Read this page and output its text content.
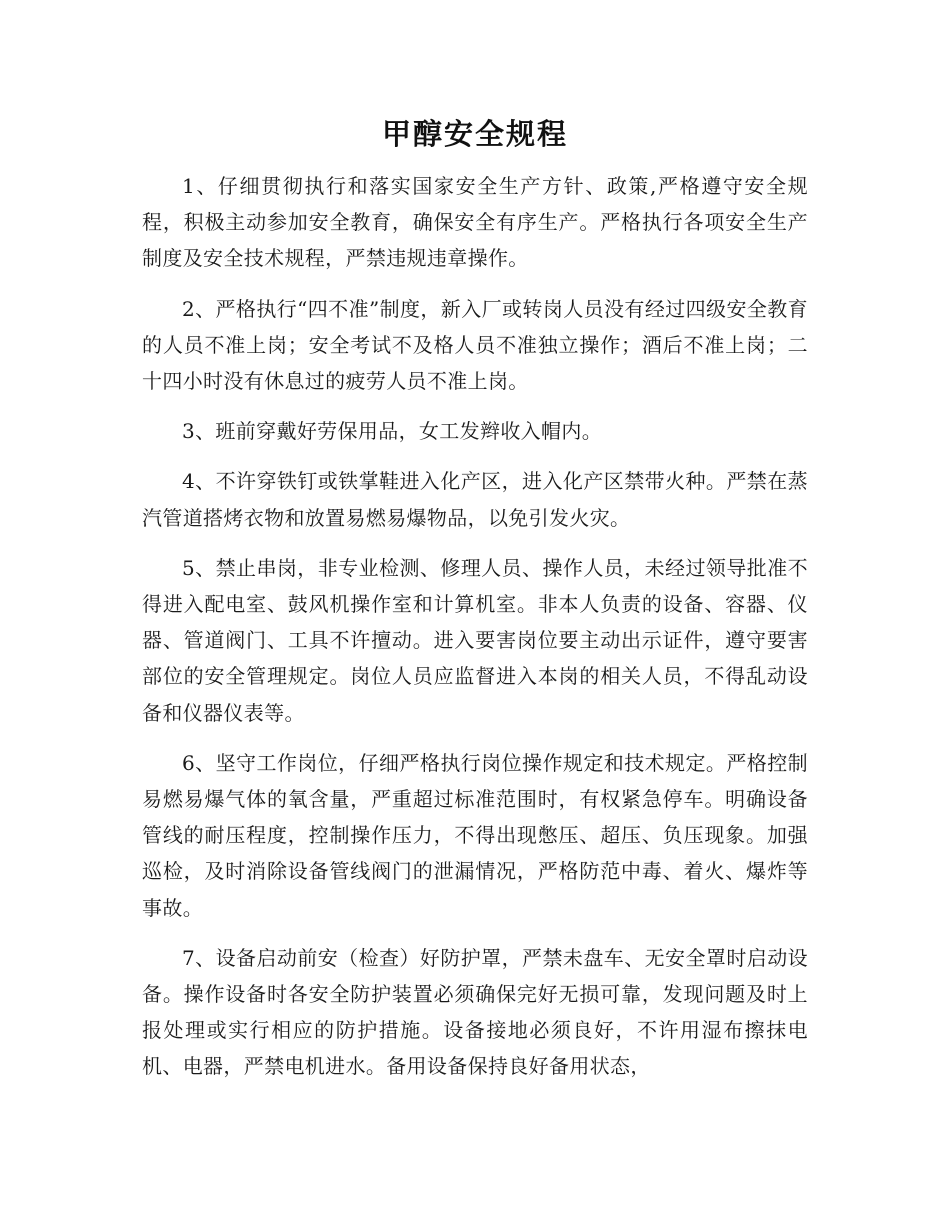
甲醇安全规程

1、仔细贯彻执行和落实国家安全生产方针、政策,严格遵守安全规程，积极主动参加安全教育，确保安全有序生产。严格执行各项安全生产制度及安全技术规程，严禁违规违章操作。

2、严格执行“四不准”制度，新入厂或转岗人员没有经过四级安全教育的人员不准上岗；安全考试不及格人员不准独立操作；酒后不准上岗；二十四小时没有休息过的疲劳人员不准上岗。

3、班前穿戴好劳保用品，女工发辫收入帽内。

4、不许穿铁钉或铁掌鞋进入化产区，进入化产区禁带火种。严禁在蒸汽管道搭烤衣物和放置易燃易爆物品，以免引发火灾。

5、禁止串岗，非专业检测、修理人员、操作人员，未经过领导批准不得进入配电室、鼓风机操作室和计算机室。非本人负责的设备、容器、仪器、管道阀门、工具不许擅动。进入要害岗位要主动出示证件，遵守要害部位的安全管理规定。岗位人员应监督进入本岗的相关人员，不得乱动设备和仪器仪表等。

6、坚守工作岗位，仔细严格执行岗位操作规定和技术规定。严格控制易燃易爆气体的氧含量，严重超过标准范围时，有权紧急停车。明确设备管线的耐压程度，控制操作压力，不得出现憋压、超压、负压现象。加强巡检，及时消除设备管线阀门的泄漏情况，严格防范中毒、着火、爆炸等事故。

7、设备启动前安（检查）好防护罩，严禁未盘车、无安全罩时启动设备。操作设备时各安全防护装置必须确保完好无损可靠，发现问题及时上报处理或实行相应的防护措施。设备接地必须良好，不许用湿布擦抹电机、电器，严禁电机进水。备用设备保持良好备用状态，
